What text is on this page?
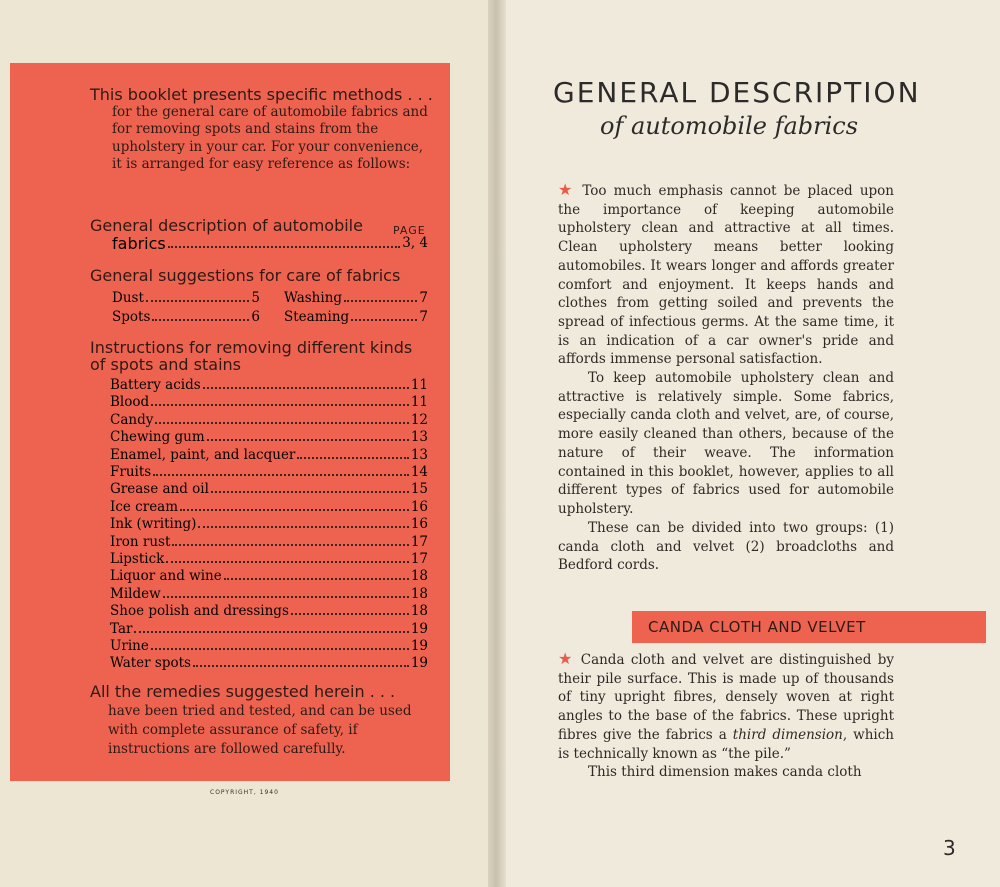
This booklet presents specific methods . . .
for the general care of automobile fabrics and for removing spots and stains from the upholstery in your car. For your convenience, it is arranged for easy reference as follows:
General description of automobile	PAGE
fabrics	3, 4
General suggestions for care of fabrics
Dust	5 Washing	7
Spots	6 Steaming	7
Instructions for removing different kinds
of spots and stains
Battery acids	11
Blood	11
Candy	12
Chewing gum	13
Enamel, paint, and lacquer	13
Fruits	14
Grease and oil	15
Ice cream	16
Ink (writing)	16
Iron rust	17
Lipstick	17
Liquor and wine	18
Mildew	18
Shoe polish and dressings	18
Tar	19
Urine	19
Water spots	19
All the remedies suggested herein . . .
have been tried and tested, and can be used with complete assurance of safety, if instructions are followed carefully.
COPYRIGHT, 1940
GENERAL DESCRIPTION
of automobile fabrics
★ Too much emphasis cannot be placed upon the importance of keeping automobile upholstery clean and attractive at all times. Clean upholstery means better looking automobiles. It wears longer and affords greater comfort and enjoyment. It keeps hands and clothes from getting soiled and prevents the spread of infectious germs. At the same time, it is an indication of a car owner's pride and affords immense personal satisfaction.
To keep automobile upholstery clean and attractive is relatively simple. Some fabrics, especially canda cloth and velvet, are, of course, more easily cleaned than others, because of the nature of their weave. The information contained in this booklet, however, applies to all different types of fabrics used for automobile upholstery.
These can be divided into two groups: (1) canda cloth and velvet (2) broadcloths and Bedford cords.
CANDA CLOTH AND VELVET
★ Canda cloth and velvet are distinguished by their pile surface. This is made up of thousands of tiny upright fibres, densely woven at right angles to the base of the fabrics. These upright fibres give the fabrics a third dimension, which is technically known as “the pile.”
This third dimension makes canda cloth
3
